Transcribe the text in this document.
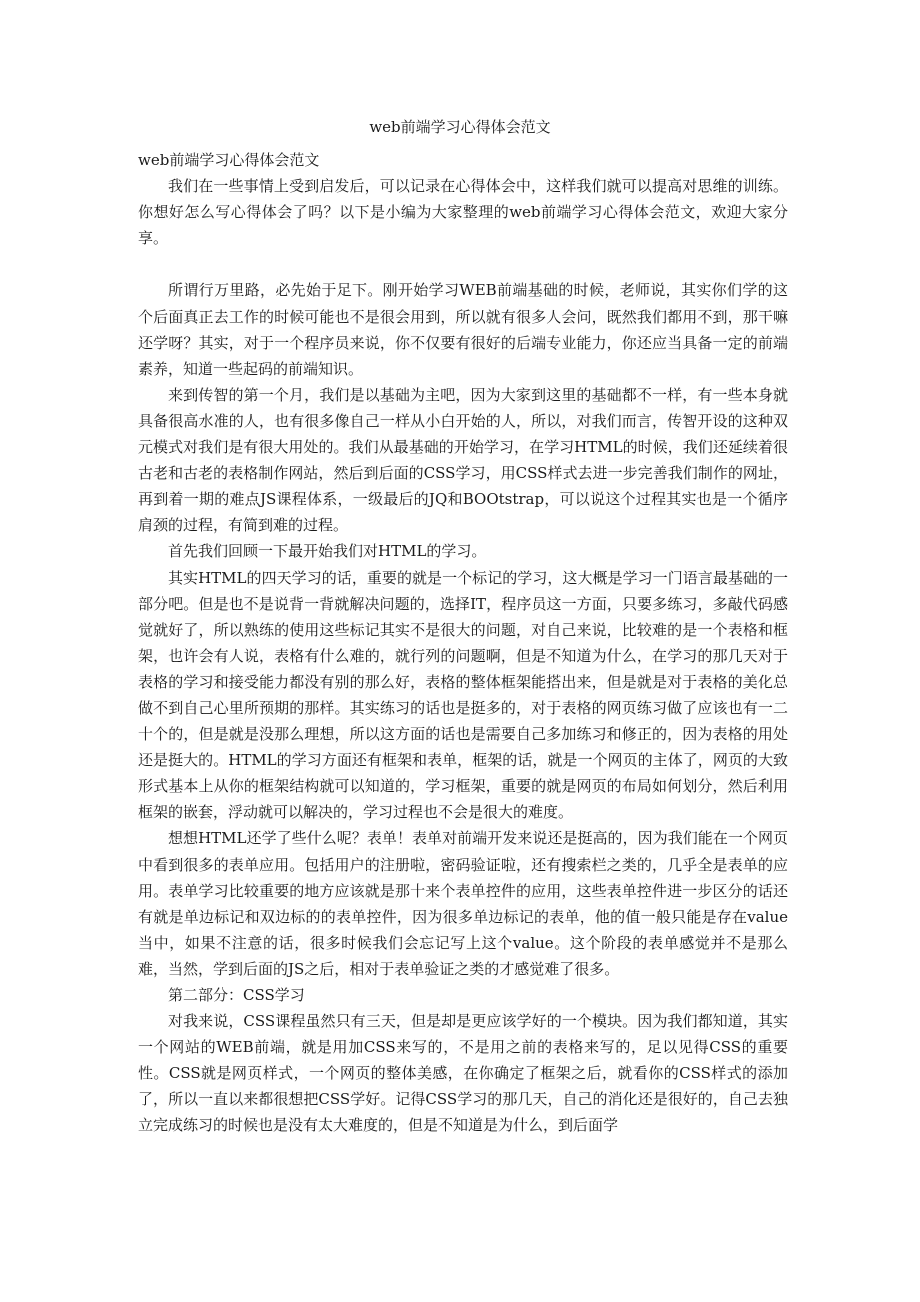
web前端学习心得体会范文

web前端学习心得体会范文

我们在一些事情上受到启发后，可以记录在心得体会中，这样我们就可以提高对思维的训练。你想好怎么写心得体会了吗？以下是小编为大家整理的web前端学习心得体会范文，欢迎大家分享。

所谓行万里路，必先始于足下。刚开始学习WEB前端基础的时候，老师说，其实你们学的这个后面真正去工作的时候可能也不是很会用到，所以就有很多人会问，既然我们都用不到，那干嘛还学呀？其实，对于一个程序员来说，你不仅要有很好的后端专业能力，你还应当具备一定的前端素养，知道一些起码的前端知识。

来到传智的第一个月，我们是以基础为主吧，因为大家到这里的基础都不一样，有一些本身就具备很高水准的人，也有很多像自己一样从小白开始的人，所以，对我们而言，传智开设的这种双元模式对我们是有很大用处的。我们从最基础的开始学习，在学习HTML的时候，我们还延续着很古老和古老的表格制作网站，然后到后面的CSS学习，用CSS样式去进一步完善我们制作的网址，再到着一期的难点JS课程体系，一级最后的JQ和BOOtstrap，可以说这个过程其实也是一个循序肩颈的过程，有简到难的过程。

首先我们回顾一下最开始我们对HTML的学习。

其实HTML的四天学习的话，重要的就是一个标记的学习，这大概是学习一门语言最基础的一部分吧。但是也不是说背一背就解决问题的，选择IT，程序员这一方面，只要多练习，多敲代码感觉就好了，所以熟练的使用这些标记其实不是很大的问题，对自己来说，比较难的是一个表格和框架，也许会有人说，表格有什么难的，就行列的问题啊，但是不知道为什么，在学习的那几天对于表格的学习和接受能力都没有别的那么好，表格的整体框架能搭出来，但是就是对于表格的美化总做不到自己心里所预期的那样。其实练习的话也是挺多的，对于表格的网页练习做了应该也有一二十个的，但是就是没那么理想，所以这方面的话也是需要自己多加练习和修正的，因为表格的用处还是挺大的。HTML的学习方面还有框架和表单，框架的话，就是一个网页的主体了，网页的大致形式基本上从你的框架结构就可以知道的，学习框架，重要的就是网页的布局如何划分，然后利用框架的嵌套，浮动就可以解决的，学习过程也不会是很大的难度。

想想HTML还学了些什么呢？表单！表单对前端开发来说还是挺高的，因为我们能在一个网页中看到很多的表单应用。包括用户的注册啦，密码验证啦，还有搜索栏之类的，几乎全是表单的应用。表单学习比较重要的地方应该就是那十来个表单控件的应用，这些表单控件进一步区分的话还有就是单边标记和双边标的的表单控件，因为很多单边标记的表单，他的值一般只能是存在value当中，如果不注意的话，很多时候我们会忘记写上这个value。这个阶段的表单感觉并不是那么难，当然，学到后面的JS之后，相对于表单验证之类的才感觉难了很多。

第二部分：CSS学习

对我来说，CSS课程虽然只有三天，但是却是更应该学好的一个模块。因为我们都知道，其实一个网站的WEB前端，就是用加CSS来写的，不是用之前的表格来写的，足以见得CSS的重要性。CSS就是网页样式，一个网页的整体美感，在你确定了框架之后，就看你的CSS样式的添加了，所以一直以来都很想把CSS学好。记得CSS学习的那几天，自己的消化还是很好的，自己去独立完成练习的时候也是没有太大难度的，但是不知道是为什么，到后面学
